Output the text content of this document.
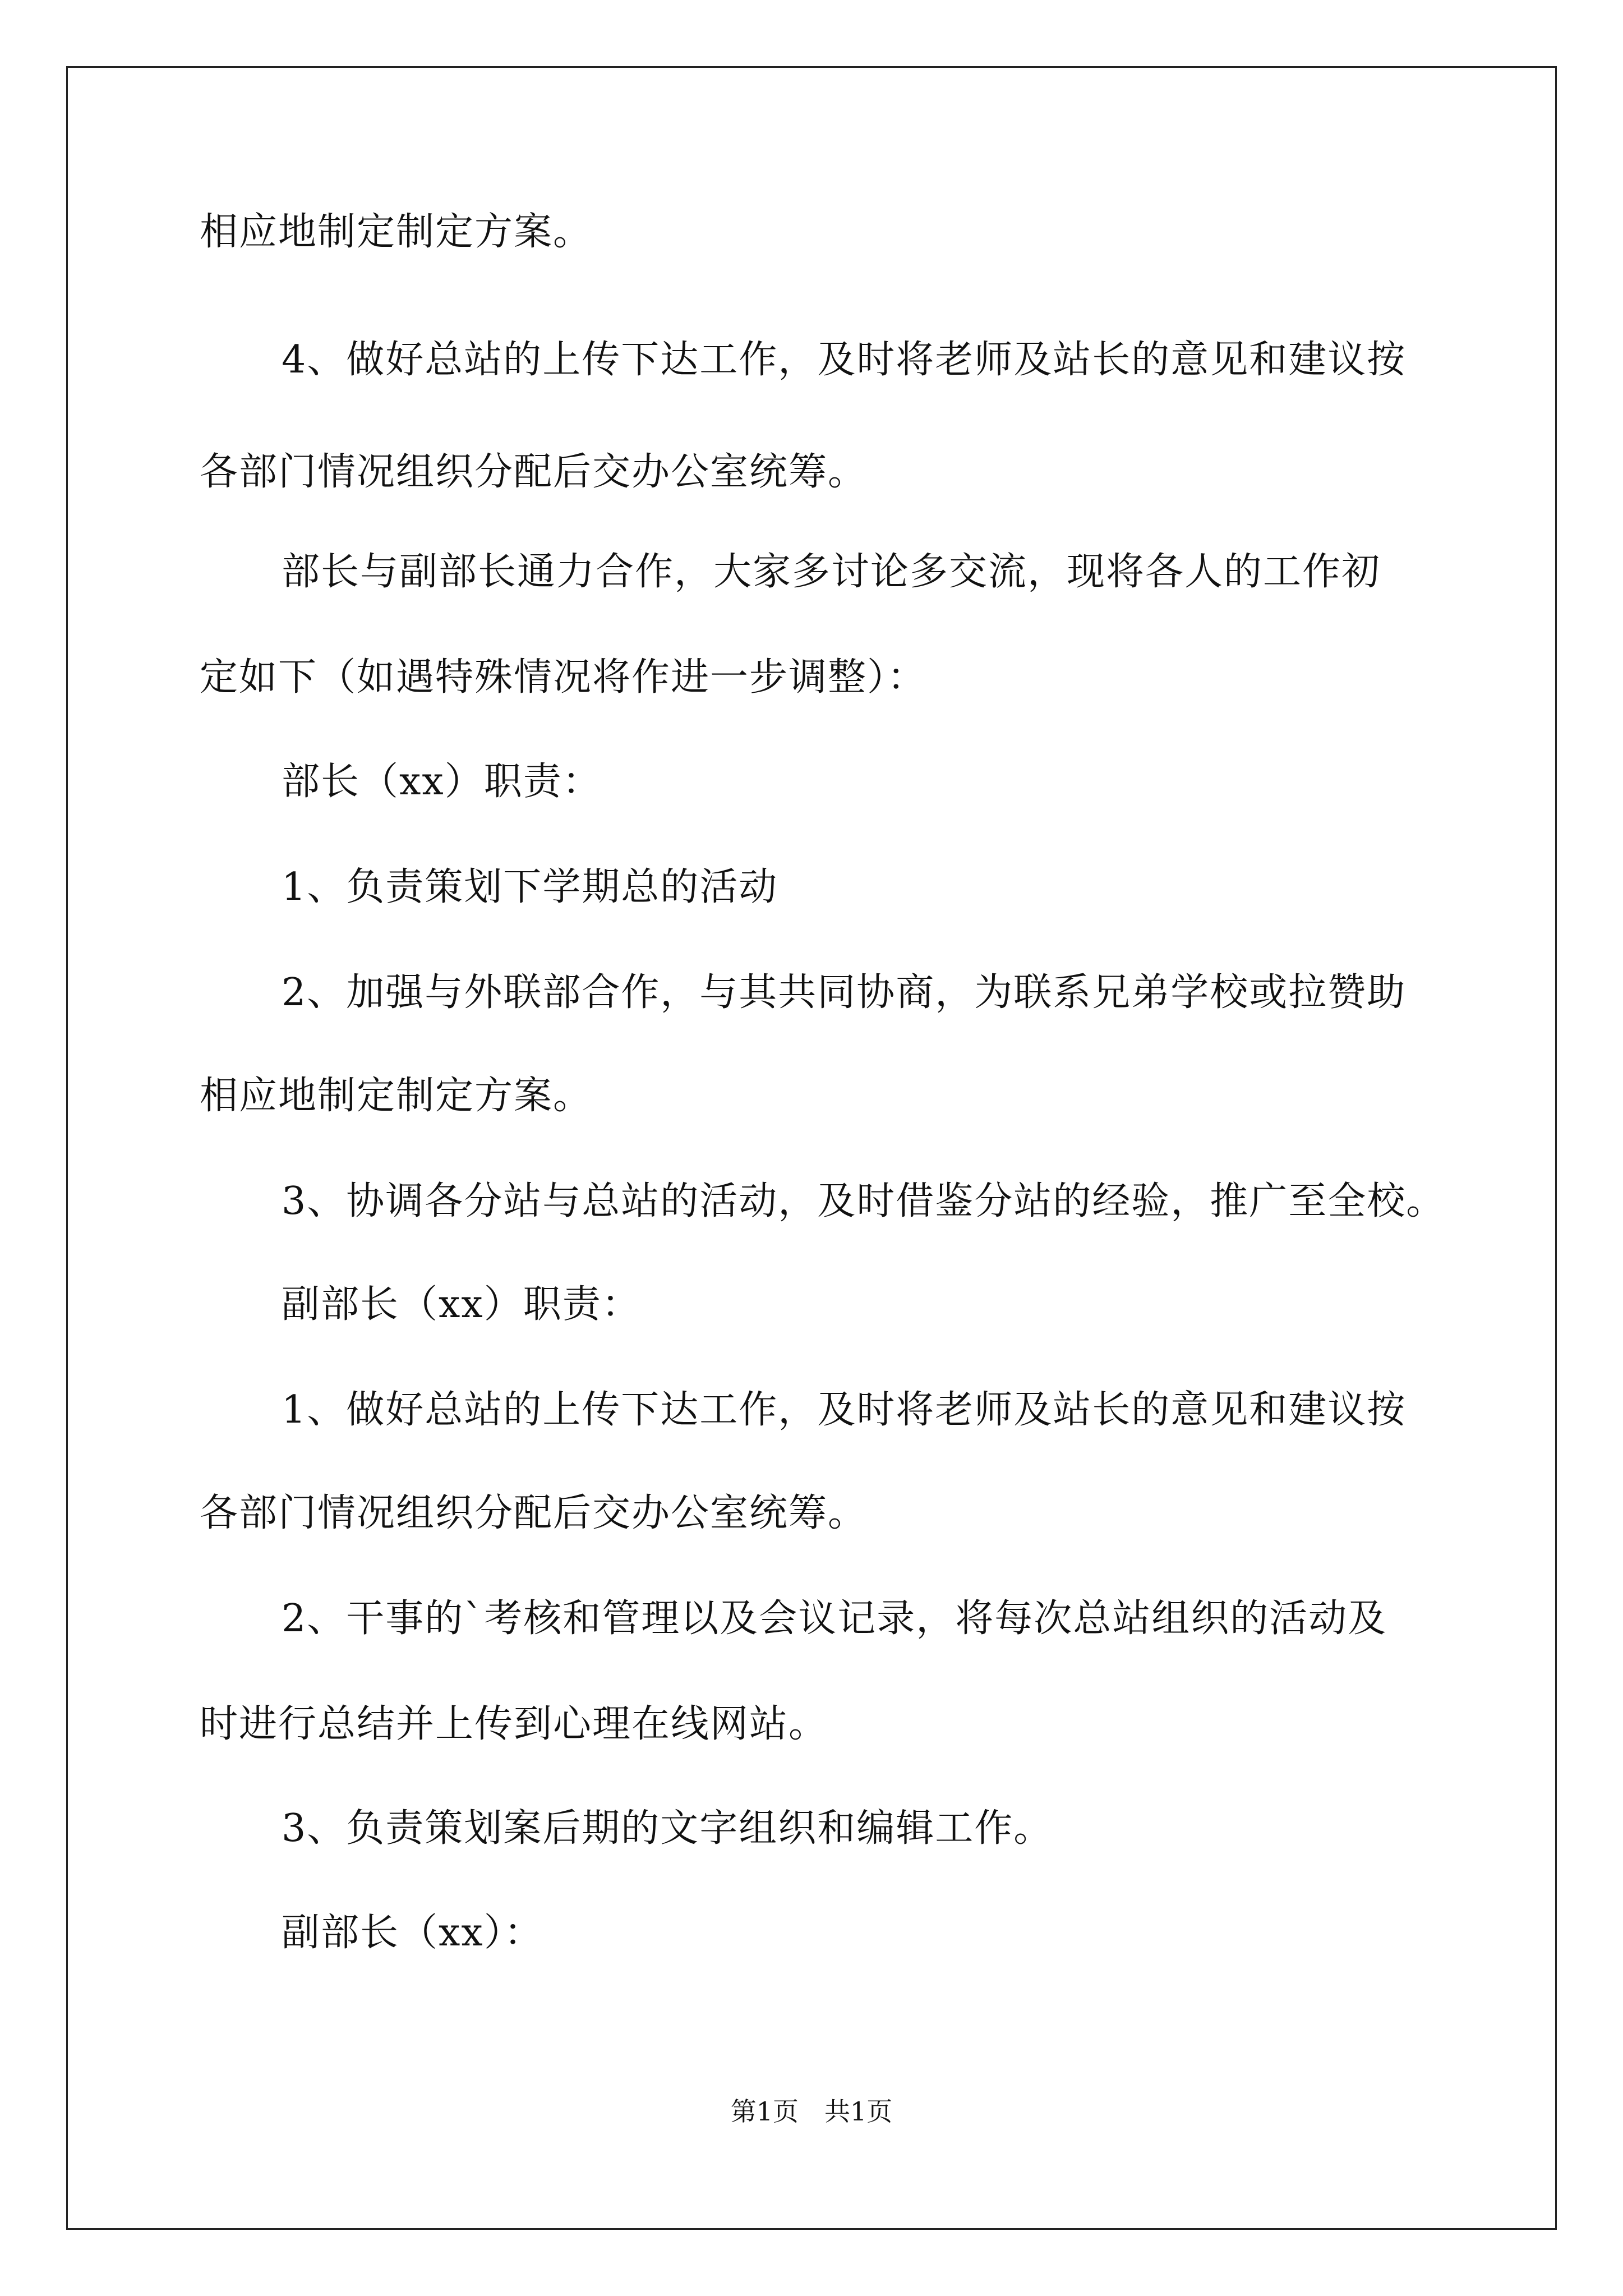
相应地制定制定方案。
4、做好总站的上传下达工作，及时将老师及站长的意见和建议按
各部门情况组织分配后交办公室统筹。
部长与副部长通力合作，大家多讨论多交流，现将各人的工作初
定如下（如遇特殊情况将作进一步调整）：
部长（xx）职责：
1、负责策划下学期总的活动
2、加强与外联部合作，与其共同协商，为联系兄弟学校或拉赞助
相应地制定制定方案。
3、协调各分站与总站的活动，及时借鉴分站的经验，推广至全校。
副部长（xx）职责：
1、做好总站的上传下达工作，及时将老师及站长的意见和建议按
各部门情况组织分配后交办公室统筹。
2、干事的`考核和管理以及会议记录，将每次总站组织的活动及
时进行总结并上传到心理在线网站。
3、负责策划案后期的文字组织和编辑工作。
副部长（xx）：
第1页　共1页
